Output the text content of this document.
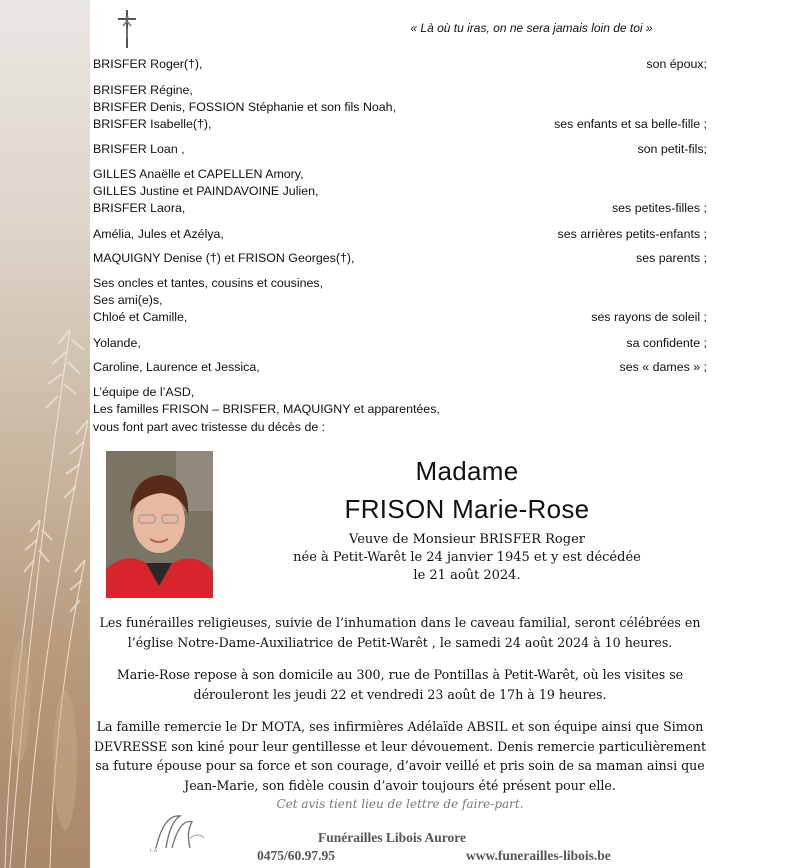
« Là où tu iras, on ne sera jamais loin de toi »
BRISFER Roger(†),	son époux;
BRISFER Régine,
BRISFER Denis, FOSSION Stéphanie et son fils Noah,
BRISFER Isabelle(†),	ses enfants et sa belle-fille ;
BRISFER Loan ,	son petit-fils;
GILLES Anaëlle et CAPELLEN Amory,
GILLES Justine et PAINDAVOINE Julien,
BRISFER Laora,	ses petites-filles ;
Amélia, Jules et Azélya,	ses arrières petits-enfants ;
MAQUIGNY Denise (†) et FRISON Georges(†),	ses parents ;
Ses oncles et tantes, cousins et cousines,
Ses ami(e)s,
Chloé et Camille,	ses rayons de soleil ;
Yolande,	sa confidente ;
Caroline, Laurence et Jessica,	ses « dames » ;
L’équipe de l’ASD,
Les familles FRISON – BRISFER, MAQUIGNY et apparentées,
vous font part avec tristesse du décès de :
Madame
FRISON Marie-Rose
Veuve de Monsieur BRISFER Roger
née à Petit-Warêt le 24 janvier 1945 et y est décédée
le 21 août 2024.
Les funérailles religieuses, suivie de l’inhumation dans le caveau familial, seront célébrées en l’église Notre-Dame-Auxiliatrice de Petit-Warêt , le samedi 24 août 2024 à 10 heures.
Marie-Rose repose à son domicile au 300, rue de Pontillas à Petit-Warêt, où les visites se dérouleront les jeudi 22 et vendredi 23 août de 17h à 19 heures.
La famille remercie le Dr MOTA, ses infirmières Adélaïde ABSIL et son équipe ainsi que Simon DEVRESSE son kiné pour leur gentillesse et leur dévouement. Denis remercie particulièrement sa future épouse pour sa force et son courage, d’avoir veillé et pris soin de sa maman ainsi que Jean-Marie, son fidèle cousin d’avoir toujours été présent pour elle.
Cet avis tient lieu de lettre de faire-part.
LA
Funérailles Libois Aurore
0475/60.97.95	www.funerailles-libois.be
